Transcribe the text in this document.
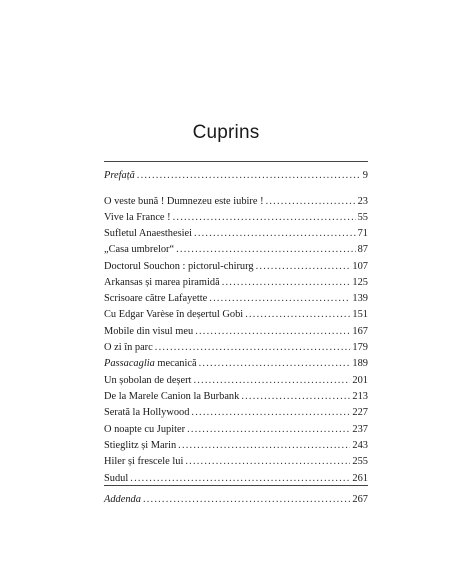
Cuprins
Prefață .....	9
O veste bună ! Dumnezeu este iubire ! .....	23
Vive la France ! .....	55
Sufletul Anaesthesiei .....	71
„Casa umbrelor“ .....	87
Doctorul Souchon : pictorul-chirurg .....	107
Arkansas și marea piramidă .....	125
Scrisoare către Lafayette .....	139
Cu Edgar Varèse în deșertul Gobi .....	151
Mobile din visul meu .....	167
O zi în parc .....	179
Passacaglia mecanică .....	189
Un șobolan de deșert .....	201
De la Marele Canion la Burbank .....	213
Serată la Hollywood .....	227
O noapte cu Jupiter .....	237
Stieglitz și Marin .....	243
Hiler și frescele lui .....	255
Sudul .....	261
Addenda .....	267
